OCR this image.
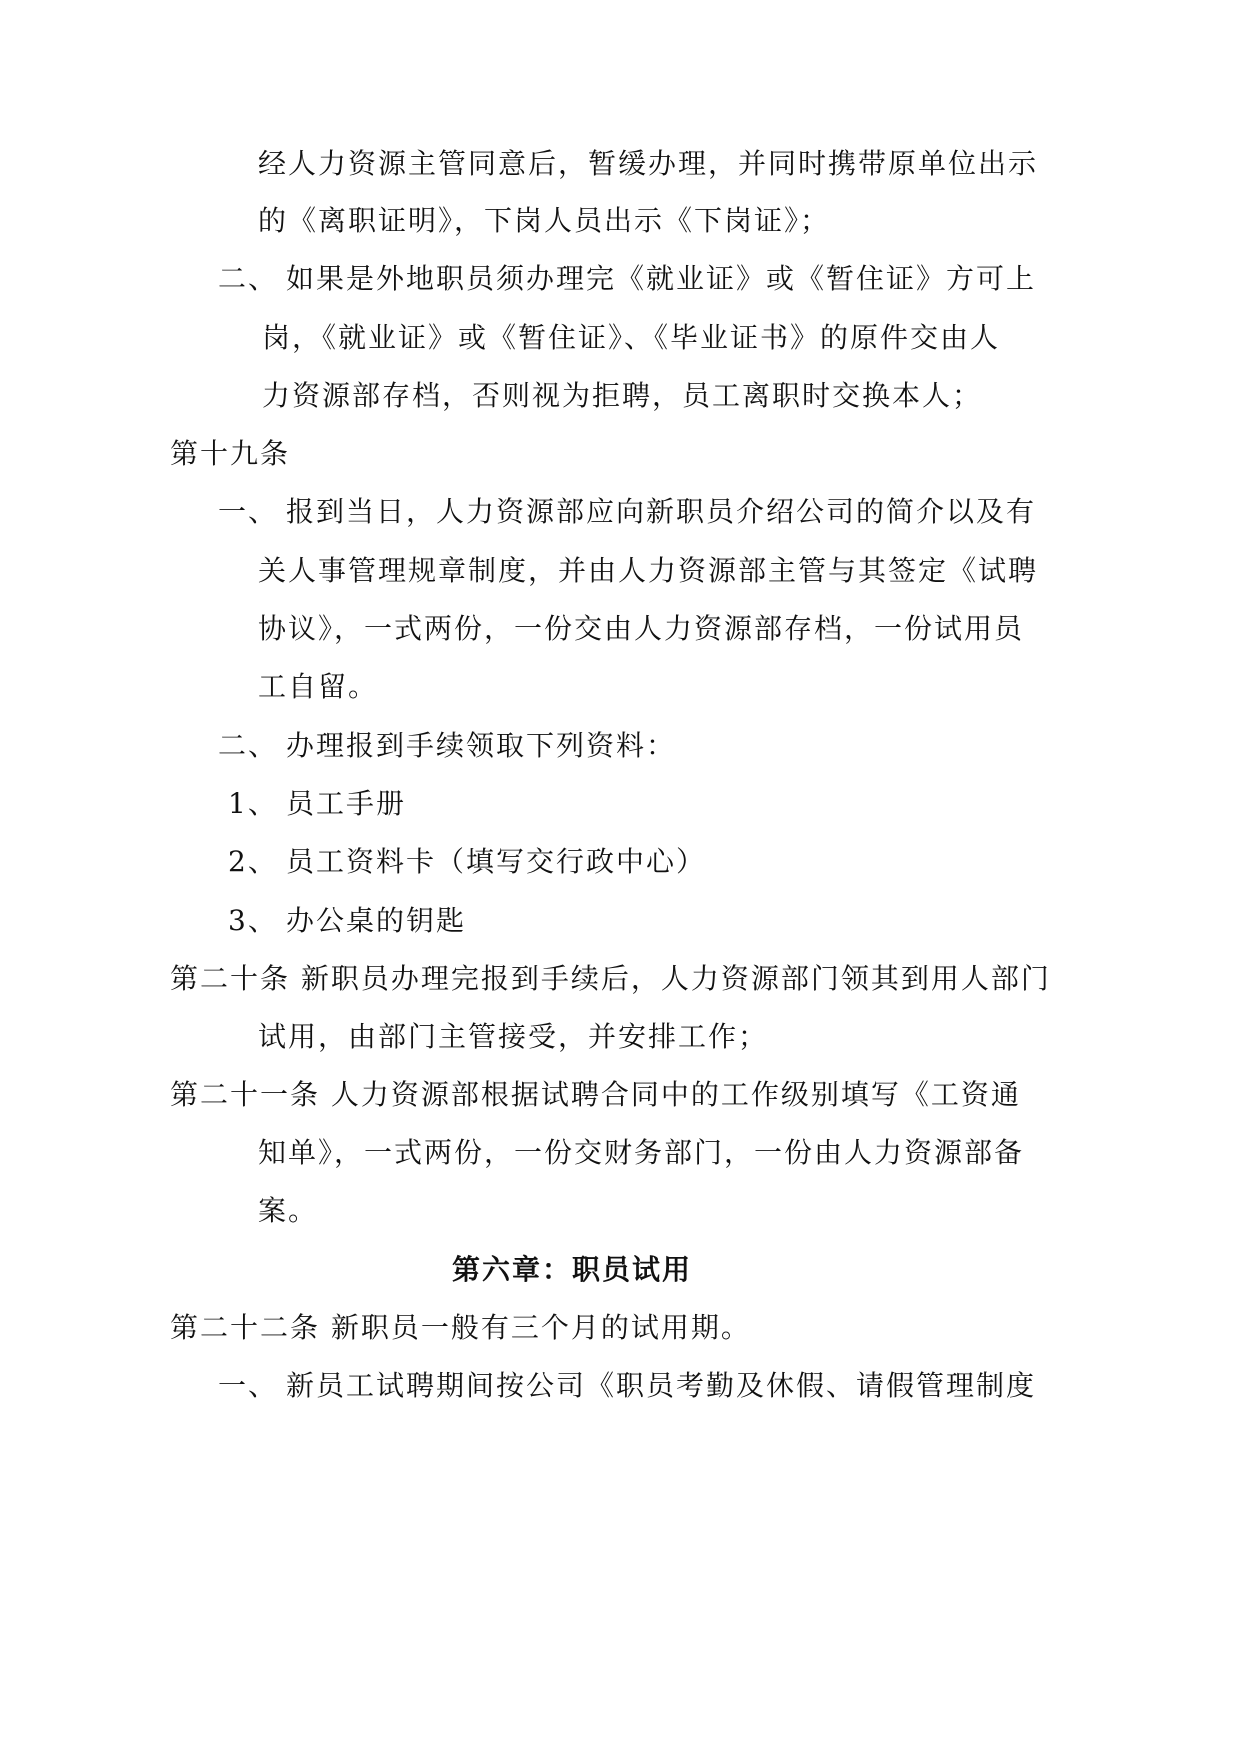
经人力资源主管同意后，暂缓办理，并同时携带原单位出示
的《离职证明》，下岗人员出示《下岗证》；
二、 如果是外地职员须办理完《就业证》或《暂住证》方可上
岗，《就业证》或《暂住证》、《毕业证书》的原件交由人
力资源部存档，否则视为拒聘，员工离职时交换本人；
第十九条
一、 报到当日，人力资源部应向新职员介绍公司的简介以及有
关人事管理规章制度，并由人力资源部主管与其签定《试聘
协议》，一式两份，一份交由人力资源部存档，一份试用员
工自留。
二、 办理报到手续领取下列资料：
1、 员工手册
2、 员工资料卡（填写交行政中心）
3、 办公桌的钥匙
第二十条 新职员办理完报到手续后，人力资源部门领其到用人部门
试用，由部门主管接受，并安排工作；
第二十一条 人力资源部根据试聘合同中的工作级别填写《工资通
知单》，一式两份，一份交财务部门，一份由人力资源部备
案。
第六章：职员试用
第二十二条 新职员一般有三个月的试用期。
一、 新员工试聘期间按公司《职员考勤及休假、请假管理制度
